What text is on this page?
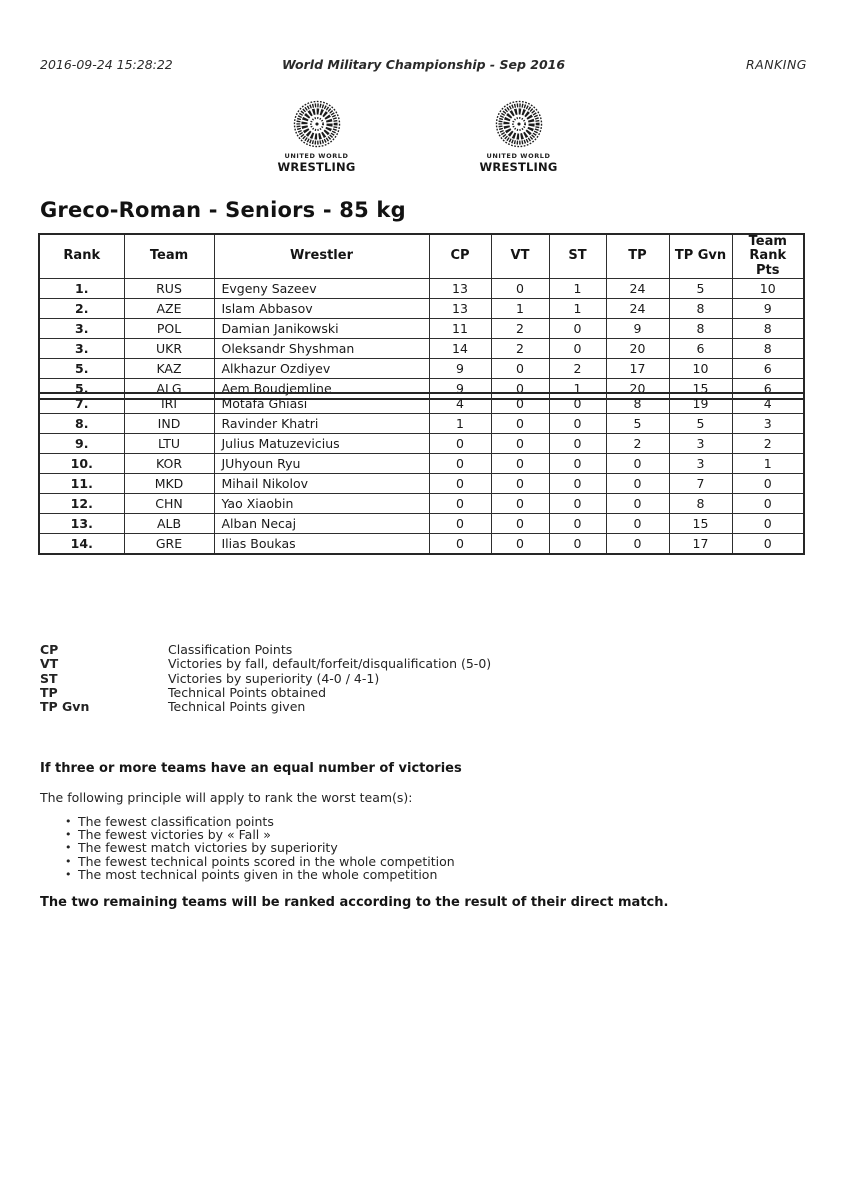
2016-09-24 15:28:22	World Military Championship - Sep 2016	RANKING
UNITED WORLD
WRESTLING
UNITED WORLD
WRESTLING
Greco-Roman - Seniors - 85 kg
Rank	Team	Wrestler	CP	VT	ST	TP	TP Gvn	Team Rank Pts
1.	RUS	Evgeny Sazeev	13	0	1	24	5	10
2.	AZE	Islam Abbasov	13	1	1	24	8	9
3.	POL	Damian Janikowski	11	2	0	9	8	8
3.	UKR	Oleksandr Shyshman	14	2	0	20	6	8
5.	KAZ	Alkhazur Ozdiyev	9	0	2	17	10	6
5.	ALG	Aem Boudjemline	9	0	1	20	15	6
7.	IRI	Motafa Ghiasi	4	0	0	8	19	4
8.	IND	Ravinder Khatri	1	0	0	5	5	3
9.	LTU	Julius Matuzevicius	0	0	0	2	3	2
10.	KOR	JUhyoun Ryu	0	0	0	0	3	1
11.	MKD	Mihail Nikolov	0	0	0	0	7	0
12.	CHN	Yao Xiaobin	0	0	0	0	8	0
13.	ALB	Alban Necaj	0	0	0	0	15	0
14.	GRE	Ilias Boukas	0	0	0	0	17	0
CP	Classification Points
VT	Victories by fall, default/forfeit/disqualification (5-0)
ST	Victories by superiority (4-0 / 4-1)
TP	Technical Points obtained
TP Gvn	Technical Points given
If three or more teams have an equal number of victories
The following principle will apply to rank the worst team(s):
• The fewest classification points
• The fewest victories by « Fall »
• The fewest match victories by superiority
• The fewest technical points scored in the whole competition
• The most technical points given in the whole competition
The two remaining teams will be ranked according to the result of their direct match.
